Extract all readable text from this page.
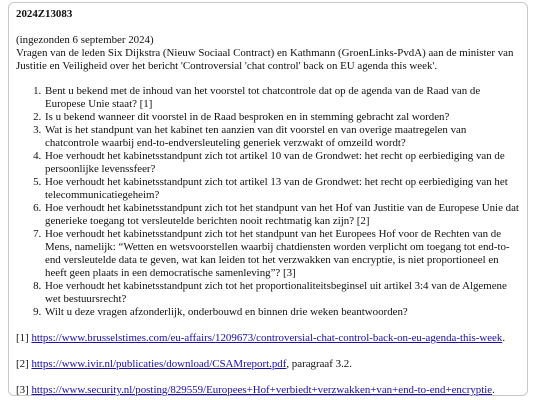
2024Z13083

(ingezonden 6 september 2024)
Vragen van de leden Six Dijkstra (Nieuw Sociaal Contract) en Kathmann (GroenLinks-PvdA) aan de minister van Justitie en Veiligheid over het bericht 'Controversial 'chat control' back on EU agenda this week'.

1. Bent u bekend met de inhoud van het voorstel tot chatcontrole dat op de agenda van de Raad van de Europese Unie staat? [1]
2. Is u bekend wanneer dit voorstel in de Raad besproken en in stemming gebracht zal worden?
3. Wat is het standpunt van het kabinet ten aanzien van dit voorstel en van overige maatregelen van chatcontrole waarbij end-to-endversleuteling generiek verzwakt of omzeild wordt?
4. Hoe verhoudt het kabinetsstandpunt zich tot artikel 10 van de Grondwet: het recht op eerbiediging van de persoonlijke levenssfeer?
5. Hoe verhoudt het kabinetsstandpunt zich tot artikel 13 van de Grondwet: het recht op eerbiediging van het telecommunicatiegeheim?
6. Hoe verhoudt het kabinetsstandpunt zich tot het standpunt van het Hof van Justitie van de Europese Unie dat generieke toegang tot versleutelde berichten nooit rechtmatig kan zijn? [2]
7. Hoe verhoudt het kabinetsstandpunt zich tot het standpunt van het Europees Hof voor de Rechten van de Mens, namelijk: “Wetten en wetsvoorstellen waarbij chatdiensten worden verplicht om toegang tot end-to-end versleutelde data te geven, wat kan leiden tot het verzwakken van encryptie, is niet proportioneel en heeft geen plaats in een democratische samenleving”? [3]
8. Hoe verhoudt het kabinetsstandpunt zich tot het proportionaliteitsbeginsel uit artikel 3:4 van de Algemene wet bestuursrecht?
9. Wilt u deze vragen afzonderlijk, onderbouwd en binnen drie weken beantwoorden?

[1] https://www.brusselstimes.com/eu-affairs/1209673/controversial-chat-control-back-on-eu-agenda-this-week.

[2] https://www.ivir.nl/publicaties/download/CSAMreport.pdf, paragraaf 3.2.

[3] https://www.security.nl/posting/829559/Europees+Hof+verbiedt+verzwakken+van+end-to-end+encryptie.
